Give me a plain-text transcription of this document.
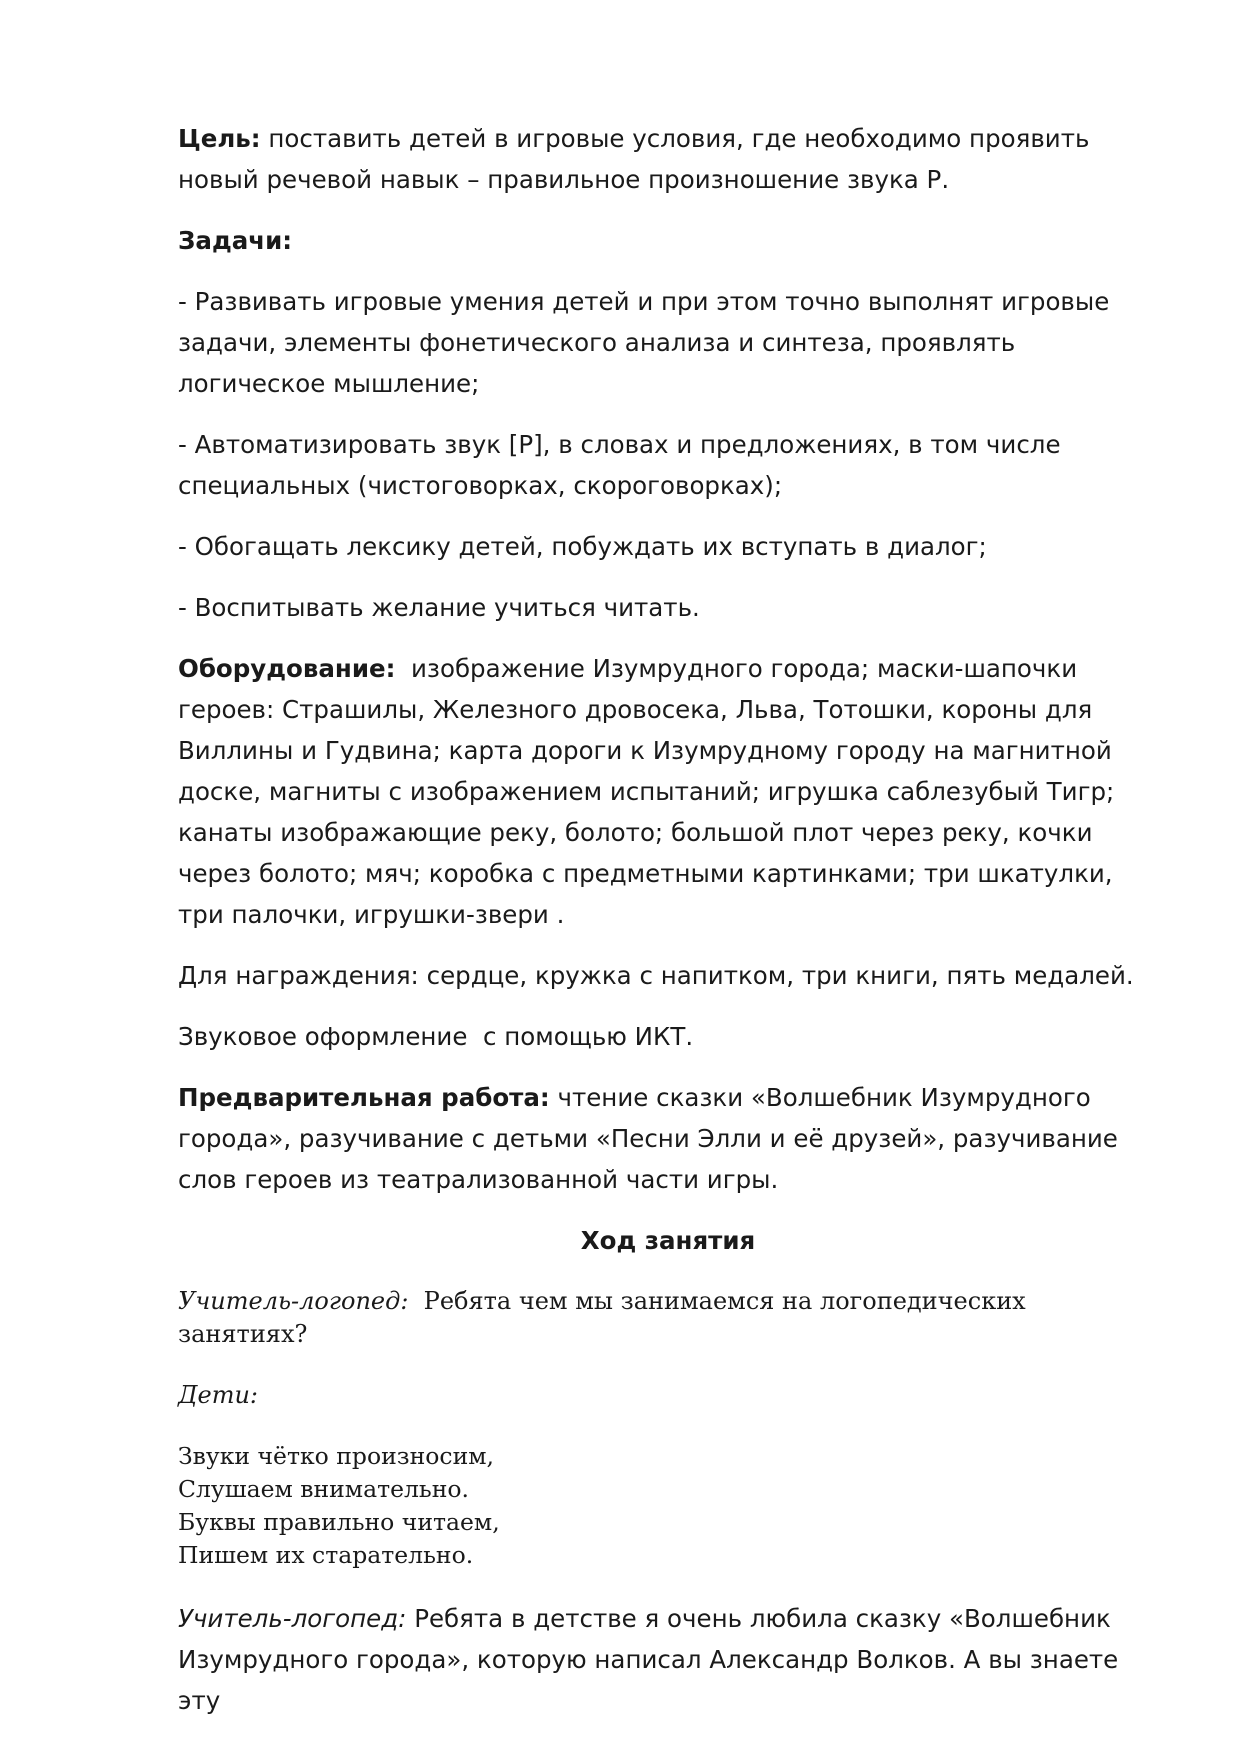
Цель: поставить детей в игровые условия, где необходимо проявить новый речевой навык – правильное произношение звука Р.

Задачи:

- Развивать игровые умения детей и при этом точно выполнят игровые задачи, элементы фонетического анализа и синтеза, проявлять логическое мышление;

- Автоматизировать звук [Р], в словах и предложениях, в том числе специальных (чистоговорках, скороговорках);

- Обогащать лексику детей, побуждать их вступать в диалог;

- Воспитывать желание учиться читать.

Оборудование:  изображение Изумрудного города; маски-шапочки героев: Страшилы, Железного дровосека, Льва, Тотошки, короны для Виллины и Гудвина; карта дороги к Изумрудному городу на магнитной доске, магниты с изображением испытаний; игрушка саблезубый Тигр; канаты изображающие реку, болото; большой плот через реку, кочки через болото; мяч; коробка с предметными картинками; три шкатулки, три палочки, игрушки-звери .

Для награждения: сердце, кружка с напитком, три книги, пять медалей.

Звуковое оформление  с помощью ИКТ.

Предварительная работа: чтение сказки «Волшебник Изумрудного города», разучивание с детьми «Песни Элли и её друзей», разучивание слов героев из театрализованной части игры.

Ход занятия

Учитель-логопед:  Ребята чем мы занимаемся на логопедических занятиях?

Дети:

Звуки чётко произносим,
Слушаем внимательно.
Буквы правильно читаем,
Пишем их старательно.

Учитель-логопед: Ребята в детстве я очень любила сказку «Волшебник Изумрудного города», которую написал Александр Волков. А вы знаете эту
